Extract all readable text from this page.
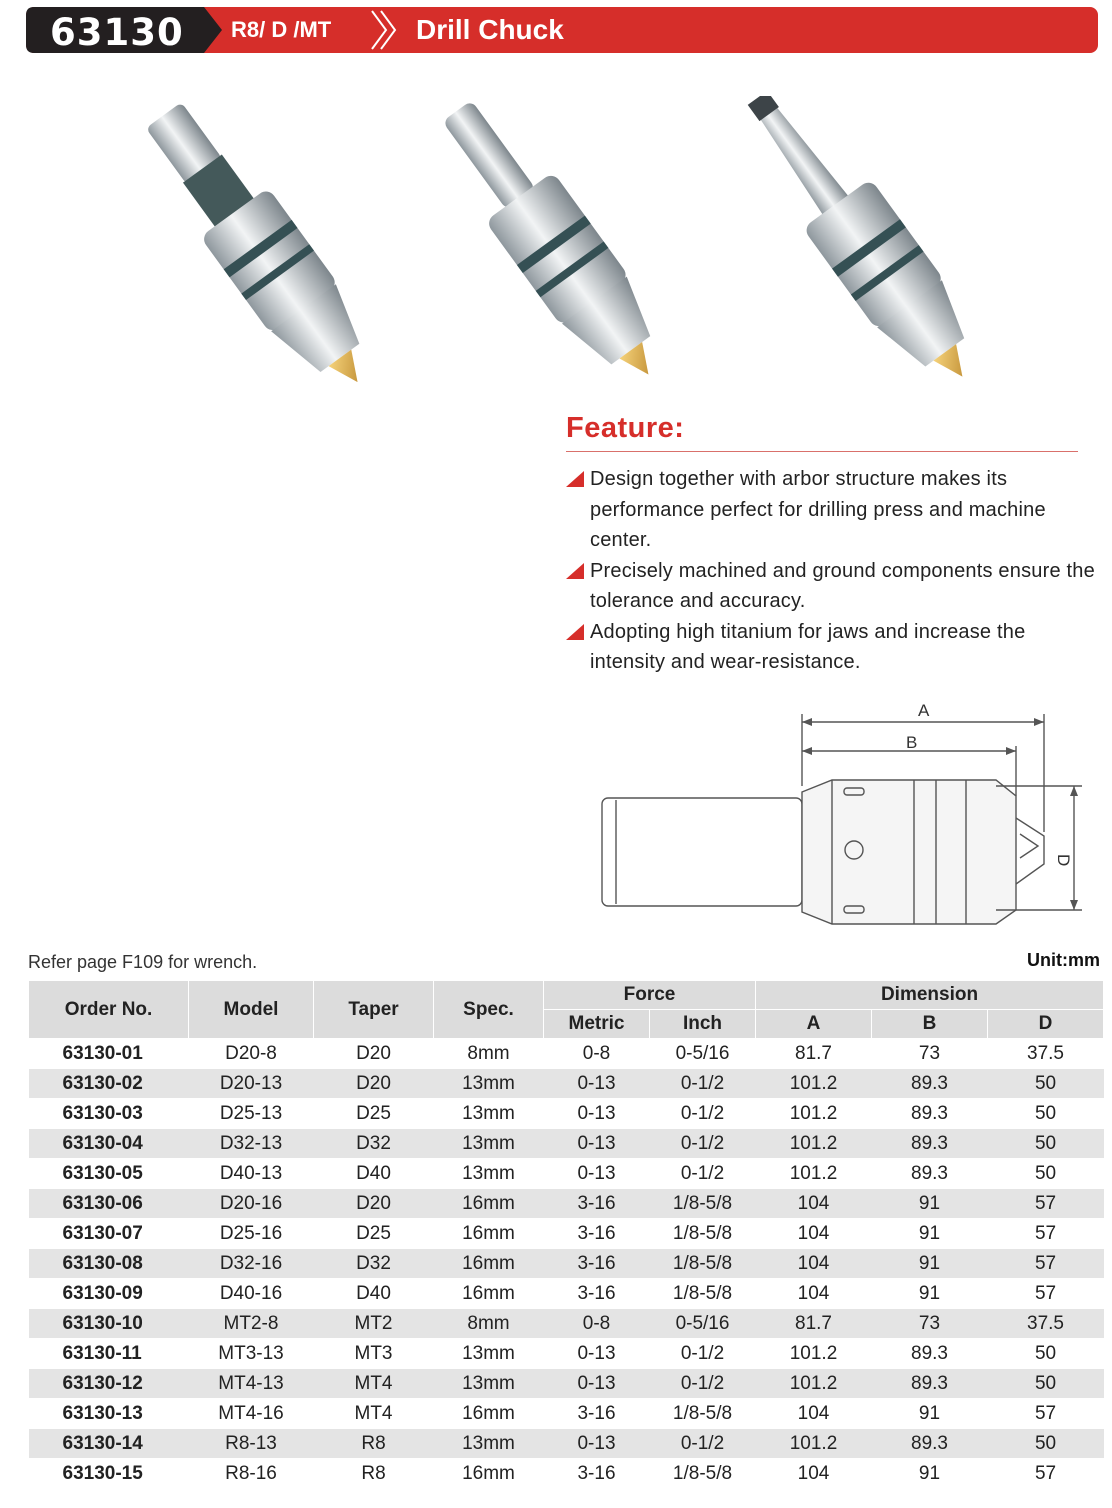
63130 R8/ D /MT	Drill Chuck
Feature:
Design together with arbor structure makes its performance perfect for drilling press and machine center.
Precisely machined and ground components ensure the tolerance and accuracy.
Adopting high titanium for jaws and increase the intensity and wear-resistance.
A
B
D
Refer page F109 for wrench.	Unit:mm
Order No.	Model	Taper	Spec.	Force		Dimension		
				Metric	Inch	A	B	D
63130-01	D20-8	D20	8mm	0-8	0-5/16	81.7	73	37.5
63130-02	D20-13	D20	13mm	0-13	0-1/2	101.2	89.3	50
63130-03	D25-13	D25	13mm	0-13	0-1/2	101.2	89.3	50
63130-04	D32-13	D32	13mm	0-13	0-1/2	101.2	89.3	50
63130-05	D40-13	D40	13mm	0-13	0-1/2	101.2	89.3	50
63130-06	D20-16	D20	16mm	3-16	1/8-5/8	104	91	57
63130-07	D25-16	D25	16mm	3-16	1/8-5/8	104	91	57
63130-08	D32-16	D32	16mm	3-16	1/8-5/8	104	91	57
63130-09	D40-16	D40	16mm	3-16	1/8-5/8	104	91	57
63130-10	MT2-8	MT2	8mm	0-8	0-5/16	81.7	73	37.5
63130-11	MT3-13	MT3	13mm	0-13	0-1/2	101.2	89.3	50
63130-12	MT4-13	MT4	13mm	0-13	0-1/2	101.2	89.3	50
63130-13	MT4-16	MT4	16mm	3-16	1/8-5/8	104	91	57
63130-14	R8-13	R8	13mm	0-13	0-1/2	101.2	89.3	50
63130-15	R8-16	R8	16mm	3-16	1/8-5/8	104	91	57
